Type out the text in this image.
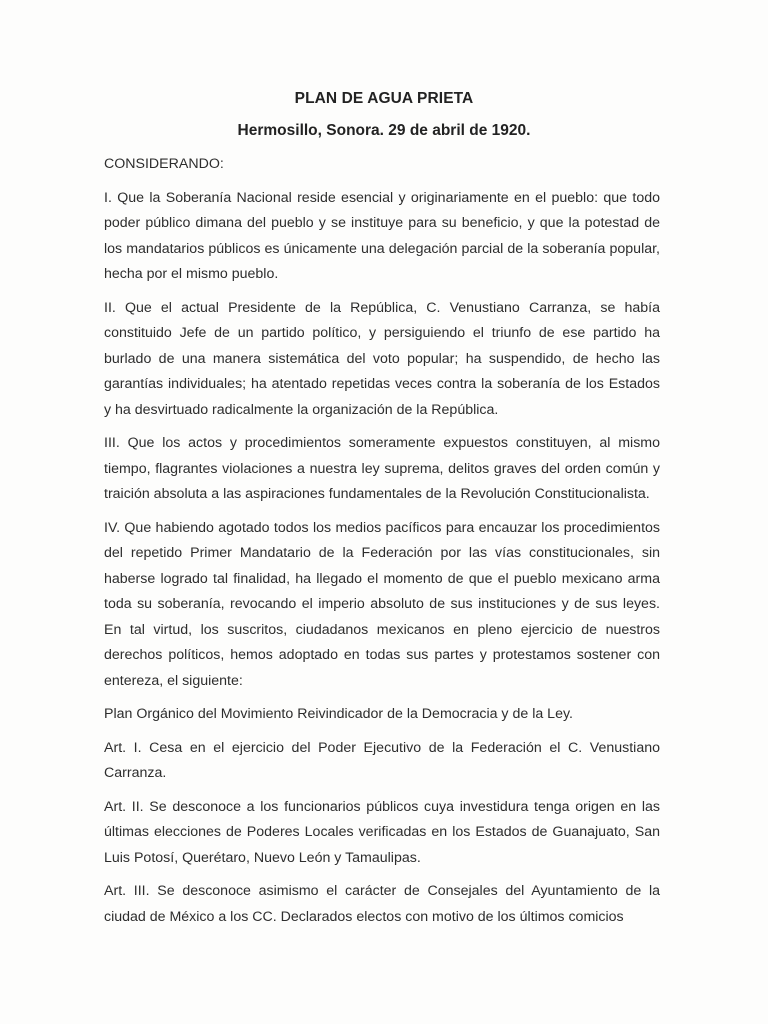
PLAN DE AGUA PRIETA
Hermosillo, Sonora. 29 de abril de 1920.

CONSIDERANDO:

I. Que la Soberanía Nacional reside esencial y originariamente en el pueblo: que todo poder público dimana del pueblo y se instituye para su beneficio, y que la potestad de los mandatarios públicos es únicamente una delegación parcial de la soberanía popular, hecha por el mismo pueblo.

II. Que el actual Presidente de la República, C. Venustiano Carranza, se había constituido Jefe de un partido político, y persiguiendo el triunfo de ese partido ha burlado de una manera sistemática del voto popular; ha suspendido, de hecho las garantías individuales; ha atentado repetidas veces contra la soberanía de los Estados y ha desvirtuado radicalmente la organización de la República.

III. Que los actos y procedimientos someramente expuestos constituyen, al mismo tiempo, flagrantes violaciones a nuestra ley suprema, delitos graves del orden común y traición absoluta a las aspiraciones fundamentales de la Revolución Constitucionalista.

IV. Que habiendo agotado todos los medios pacíficos para encauzar los procedimientos del repetido Primer Mandatario de la Federación por las vías constitucionales, sin haberse logrado tal finalidad, ha llegado el momento de que el pueblo mexicano arma toda su soberanía, revocando el imperio absoluto de sus instituciones y de sus leyes. En tal virtud, los suscritos, ciudadanos mexicanos en pleno ejercicio de nuestros derechos políticos, hemos adoptado en todas sus partes y protestamos sostener con entereza, el siguiente:

Plan Orgánico del Movimiento Reivindicador de la Democracia y de la Ley.

Art. I. Cesa en el ejercicio del Poder Ejecutivo de la Federación el C. Venustiano Carranza.

Art. II. Se desconoce a los funcionarios públicos cuya investidura tenga origen en las últimas elecciones de Poderes Locales verificadas en los Estados de Guanajuato, San Luis Potosí, Querétaro, Nuevo León y Tamaulipas.

Art. III. Se desconoce asimismo el carácter de Consejales del Ayuntamiento de la ciudad de México a los CC. Declarados electos con motivo de los últimos comicios
